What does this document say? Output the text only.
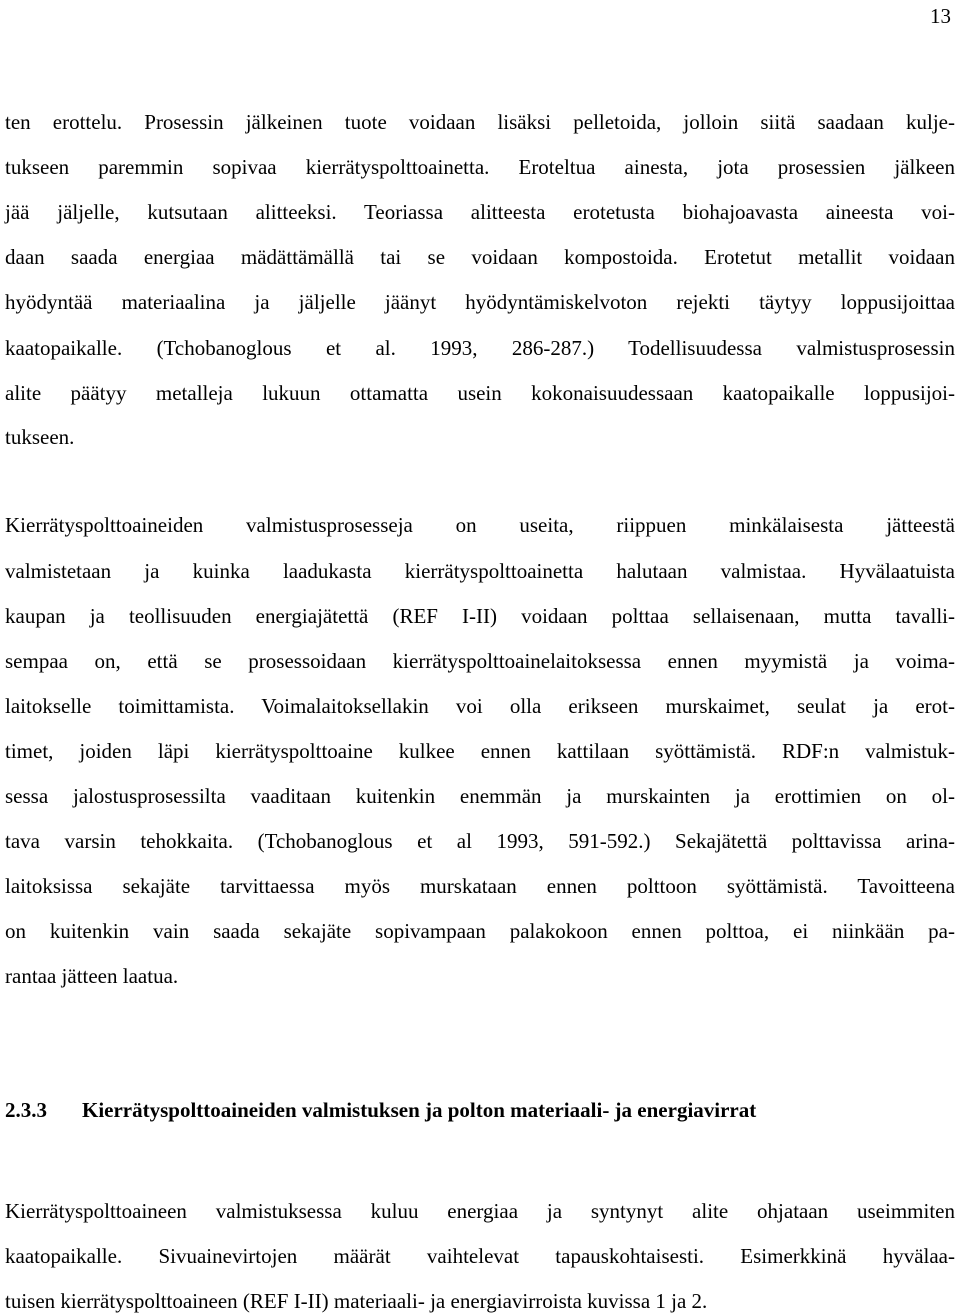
13
ten erottelu. Prosessin jälkeinen tuote voidaan lisäksi pelletoida, jolloin siitä saadaan kulje-
tukseen paremmin sopivaa kierrätyspolttoainetta. Eroteltua ainesta, jota prosessien jälkeen
jää jäljelle, kutsutaan alitteeksi. Teoriassa alitteesta erotetusta biohajoavasta aineesta voi-
daan saada energiaa mädättämällä tai se voidaan kompostoida. Erotetut metallit voidaan
hyödyntää materiaalina ja jäljelle jäänyt hyödyntämiskelvoton rejekti täytyy loppusijoittaa
kaatopaikalle. (Tchobanoglous et al. 1993, 286-287.) Todellisuudessa valmistusprosessin
alite päätyy metalleja lukuun ottamatta usein kokonaisuudessaan kaatopaikalle loppusijoi-
tukseen.
Kierrätyspolttoaineiden valmistusprosesseja on useita, riippuen minkälaisesta jätteestä
valmistetaan ja kuinka laadukasta kierrätyspolttoainetta halutaan valmistaa. Hyvälaatuista
kaupan ja teollisuuden energiajätettä (REF I-II) voidaan polttaa sellaisenaan, mutta tavalli-
sempaa on, että se prosessoidaan kierrätyspolttoainelaitoksessa ennen myymistä ja voima-
laitokselle toimittamista. Voimalaitoksellakin voi olla erikseen murskaimet, seulat ja erot-
timet, joiden läpi kierrätyspolttoaine kulkee ennen kattilaan syöttämistä. RDF:n valmistuk-
sessa jalostusprosessilta vaaditaan kuitenkin enemmän ja murskainten ja erottimien on ol-
tava varsin tehokkaita. (Tchobanoglous et al 1993, 591-592.) Sekajätettä polttavissa arina-
laitoksissa sekajäte tarvittaessa myös murskataan ennen polttoon syöttämistä. Tavoitteena
on kuitenkin vain saada sekajäte sopivampaan palakokoon ennen polttoa, ei niinkään pa-
rantaa jätteen laatua.
2.3.3 Kierrätyspolttoaineiden valmistuksen ja polton materiaali- ja energiavirrat
Kierrätyspolttoaineen valmistuksessa kuluu energiaa ja syntynyt alite ohjataan useimmiten
kaatopaikalle. Sivuainevirtojen määrät vaihtelevat tapauskohtaisesti. Esimerkkinä hyvälaa-
tuisen kierrätyspolttoaineen (REF I-II) materiaali- ja energiavirroista kuvissa 1 ja 2.
